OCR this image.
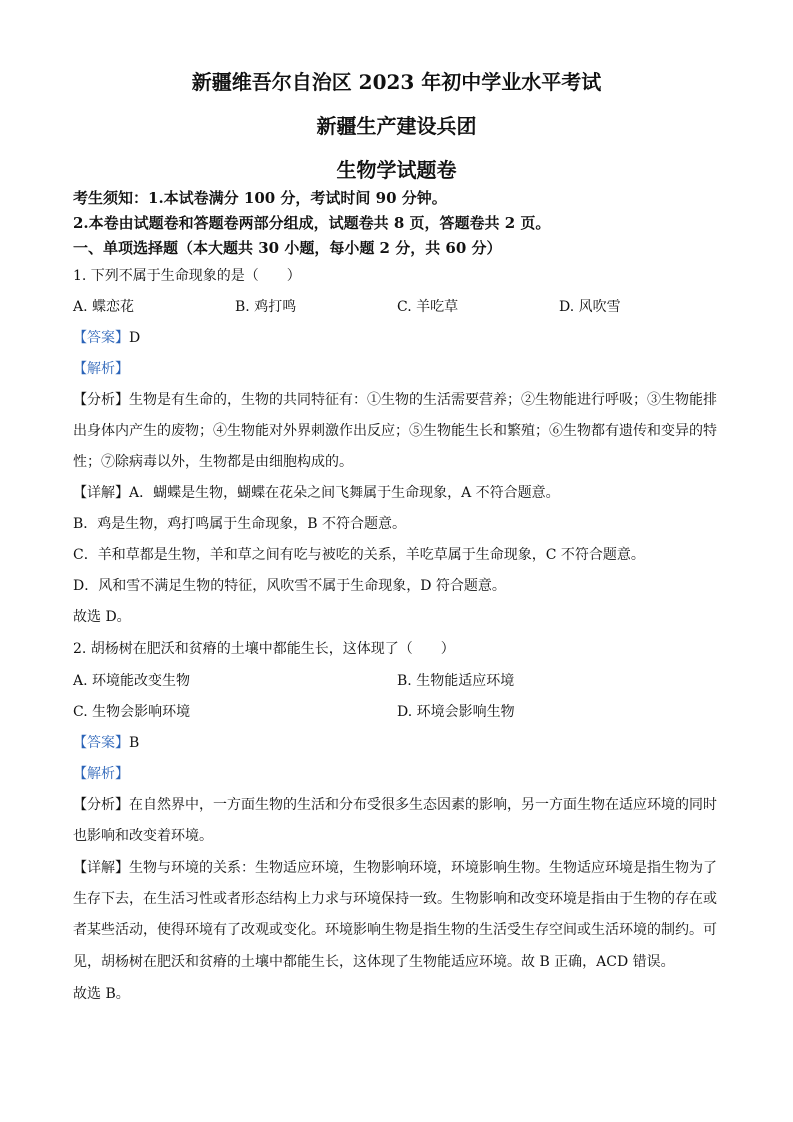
新疆维吾尔自治区 2023 年初中学业水平考试
新疆生产建设兵团
生物学试题卷
考生须知：1.本试卷满分 100 分，考试时间 90 分钟。
2.本卷由试题卷和答题卷两部分组成，试题卷共 8 页，答题卷共 2 页。
一、单项选择题（本大题共 30 小题，每小题 2 分，共 60 分）
1. 下列不属于生命现象的是（　　）
A. 蝶恋花	B. 鸡打鸣	C. 羊吃草	D. 风吹雪
【答案】D
【解析】
【分析】生物是有生命的，生物的共同特征有：①生物的生活需要营养；②生物能进行呼吸；③生物能排
出身体内产生的废物；④生物能对外界刺激作出反应；⑤生物能生长和繁殖；⑥生物都有遗传和变异的特
性；⑦除病毒以外，生物都是由细胞构成的。
【详解】A．蝴蝶是生物，蝴蝶在花朵之间飞舞属于生命现象，A 不符合题意。
B．鸡是生物，鸡打鸣属于生命现象，B 不符合题意。
C．羊和草都是生物，羊和草之间有吃与被吃的关系，羊吃草属于生命现象，C 不符合题意。
D．风和雪不满足生物的特征，风吹雪不属于生命现象，D 符合题意。
故选 D。
2. 胡杨树在肥沃和贫瘠的土壤中都能生长，这体现了（　　）
A. 环境能改变生物	B. 生物能适应环境
C. 生物会影响环境	D. 环境会影响生物
【答案】B
【解析】
【分析】在自然界中，一方面生物的生活和分布受很多生态因素的影响，另一方面生物在适应环境的同时
也影响和改变着环境。
【详解】生物与环境的关系：生物适应环境，生物影响环境，环境影响生物。生物适应环境是指生物为了
生存下去，在生活习性或者形态结构上力求与环境保持一致。生物影响和改变环境是指由于生物的存在或
者某些活动，使得环境有了改观或变化。环境影响生物是指生物的生活受生存空间或生活环境的制约。可
见，胡杨树在肥沃和贫瘠的土壤中都能生长，这体现了生物能适应环境。故 B 正确，ACD 错误。
故选 B。
